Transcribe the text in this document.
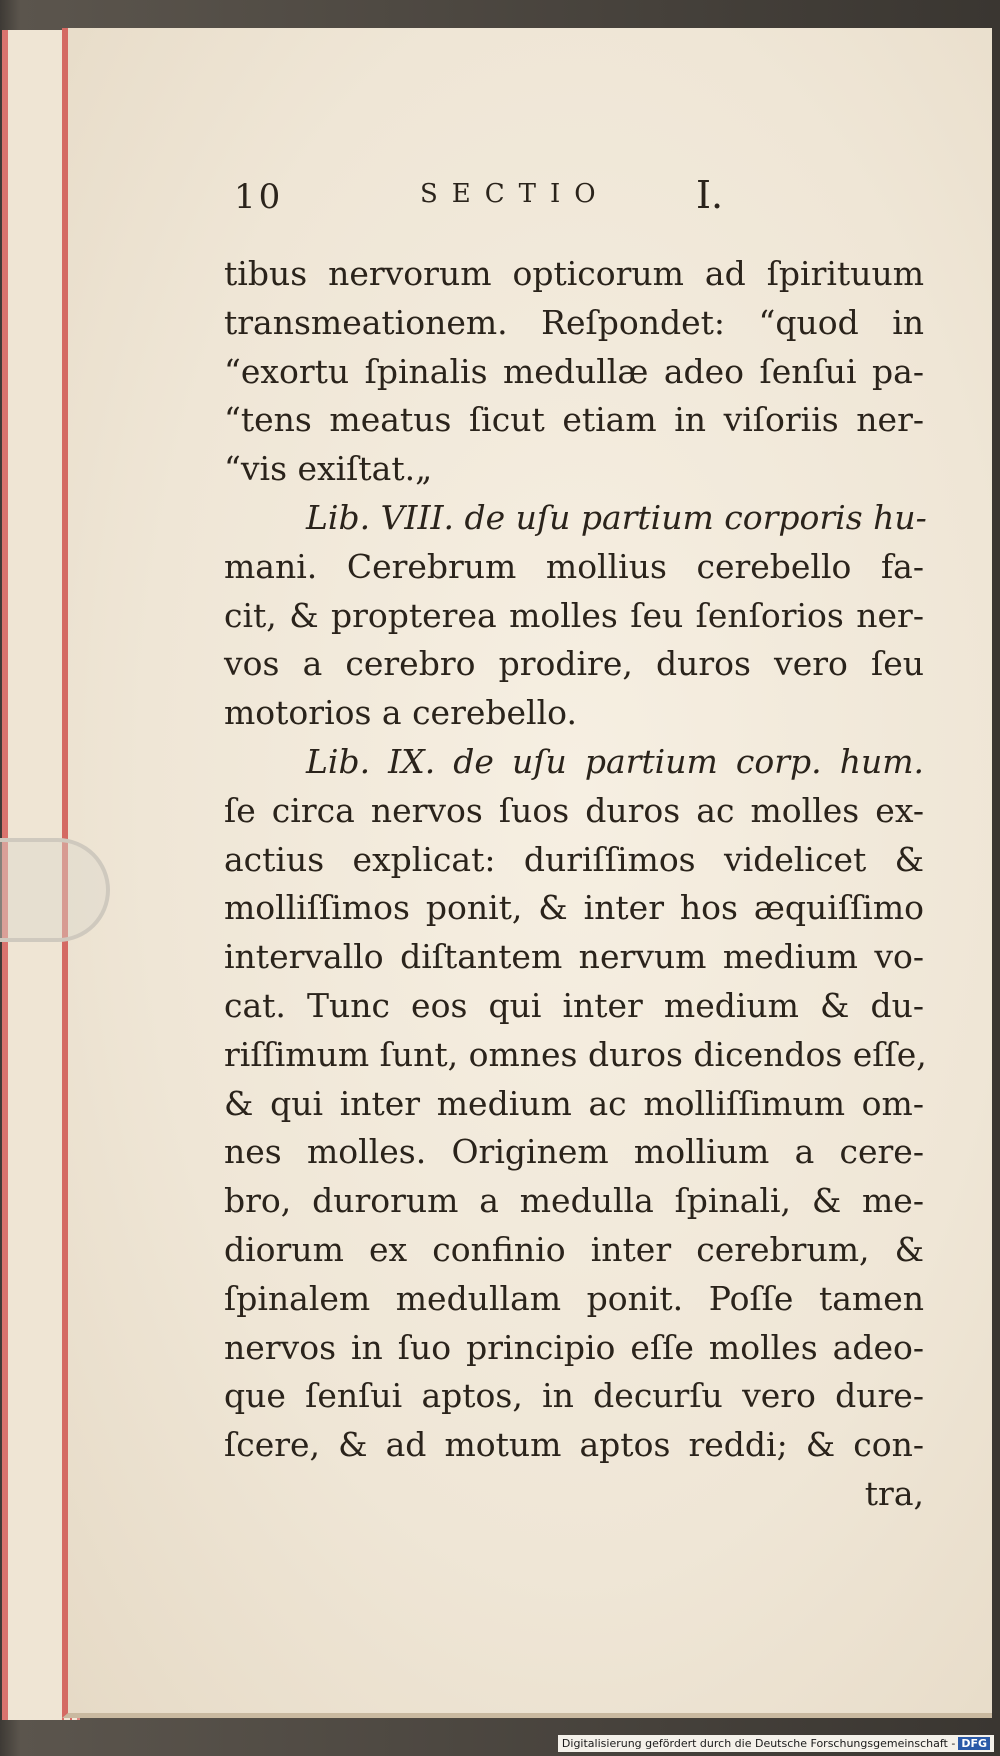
10	SECTIO I.
tibus nervorum opticorum ad ſpirituum
transmeationem. Reſpondet: “quod in
“exortu ſpinalis medullæ adeo ſenſui pa-
“tens meatus ſicut etiam in viſoriis ner-
“vis exiſtat.„
Lib. VIII. de uſu partium corporis hu-
mani. Cerebrum mollius cerebello fa-
cit, & propterea molles ſeu ſenſorios ner-
vos a cerebro prodire, duros vero ſeu
motorios a cerebello.
Lib. IX. de uſu partium corp. hum.
ſe circa nervos ſuos duros ac molles ex-
actius explicat: duriſſimos videlicet &
molliſſimos ponit, & inter hos æquiſſimo
intervallo diſtantem nervum medium vo-
cat. Tunc eos qui inter medium & du-
riſſimum ſunt, omnes duros dicendos eſſe,
& qui inter medium ac molliſſimum om-
nes molles. Originem mollium a cere-
bro, durorum a medulla ſpinali, & me-
diorum ex confinio inter cerebrum, &
ſpinalem medullam ponit. Poſſe tamen
nervos in ſuo principio eſſe molles adeo-
que ſenſui aptos, in decurſu vero dure-
ſcere, & ad motum aptos reddi; & con-
tra,
Digitalisierung gefördert durch die Deutsche Forschungsgemeinschaft - DFG
